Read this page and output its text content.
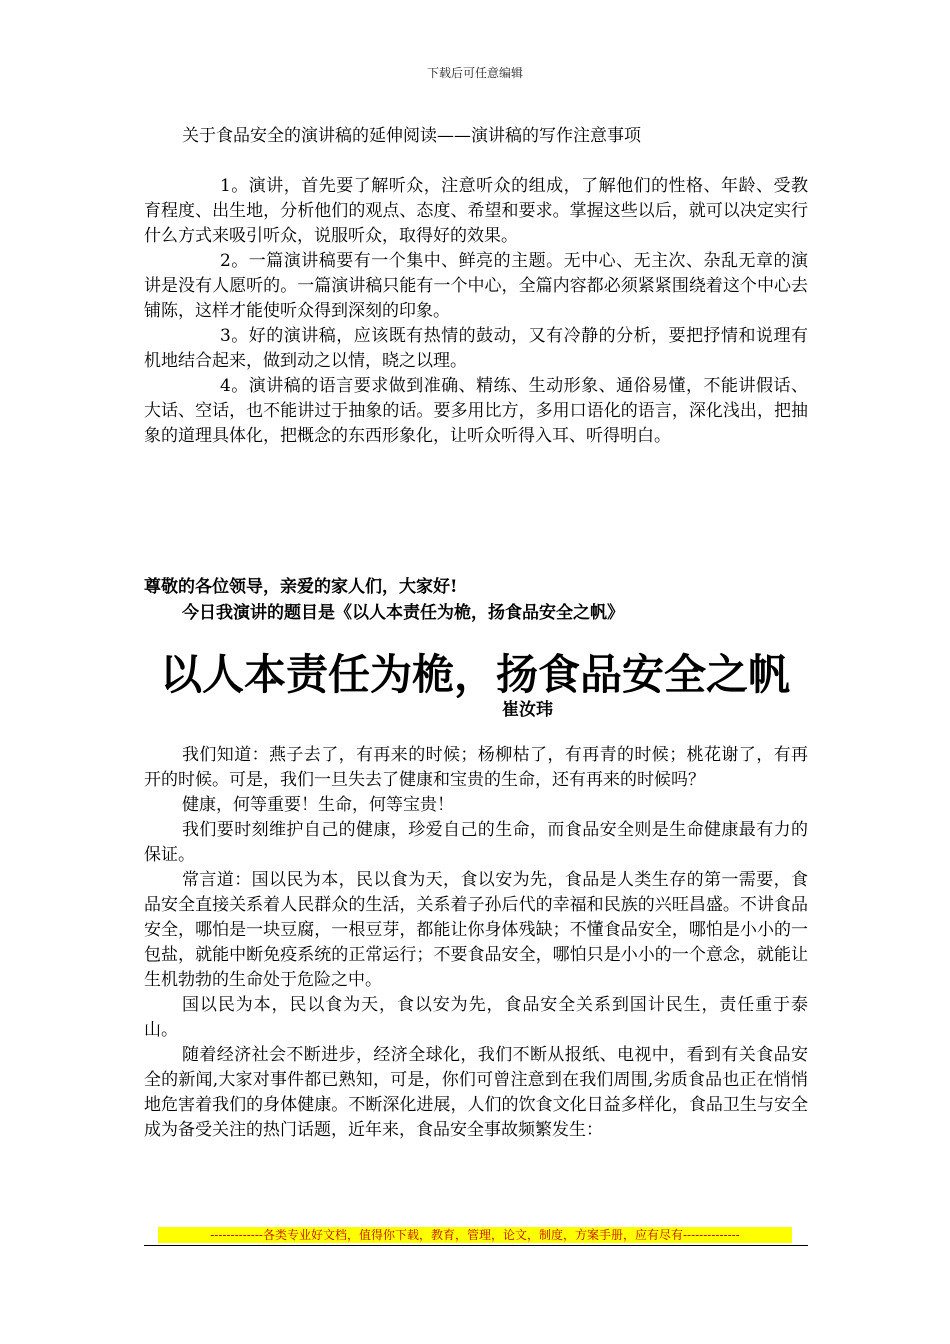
下载后可任意编辑
关于食品安全的演讲稿的延伸阅读——演讲稿的写作注意事项

1。演讲，首先要了解听众，注意听众的组成，了解他们的性格、年龄、受教育程度、出生地，分析他们的观点、态度、希望和要求。掌握这些以后，就可以决定实行什么方式来吸引听众，说服听众，取得好的效果。

2。一篇演讲稿要有一个集中、鲜亮的主题。无中心、无主次、杂乱无章的演讲是没有人愿听的。一篇演讲稿只能有一个中心，全篇内容都必须紧紧围绕着这个中心去铺陈，这样才能使听众得到深刻的印象。

3。好的演讲稿，应该既有热情的鼓动，又有冷静的分析，要把抒情和说理有机地结合起来，做到动之以情，晓之以理。

4。演讲稿的语言要求做到准确、精练、生动形象、通俗易懂，不能讲假话、大话、空话，也不能讲过于抽象的话。要多用比方，多用口语化的语言，深化浅出，把抽象的道理具体化，把概念的东西形象化，让听众听得入耳、听得明白。

尊敬的各位领导，亲爱的家人们，大家好!
今日我演讲的题目是《以人本责任为桅，扬食品安全之帆》
以人本责任为桅，扬食品安全之帆
崔汝玮

我们知道：燕子去了，有再来的时候；杨柳枯了，有再青的时候；桃花谢了，有再开的时候。可是，我们一旦失去了健康和宝贵的生命，还有再来的时候吗？

健康，何等重要！生命，何等宝贵！

我们要时刻维护自己的健康，珍爱自己的生命，而食品安全则是生命健康最有力的保证。

常言道：国以民为本，民以食为天，食以安为先，食品是人类生存的第一需要，食品安全直接关系着人民群众的生活，关系着子孙后代的幸福和民族的兴旺昌盛。不讲食品安全，哪怕是一块豆腐，一根豆芽，都能让你身体残缺；不懂食品安全，哪怕是小小的一包盐，就能中断免疫系统的正常运行；不要食品安全，哪怕只是小小的一个意念，就能让生机勃勃的生命处于危险之中。

国以民为本，民以食为天，食以安为先，食品安全关系到国计民生，责任重于泰山。

随着经济社会不断进步，经济全球化，我们不断从报纸、电视中，看到有关食品安全的新闻,大家对事件都已熟知，可是，你们可曾注意到在我们周围,劣质食品也正在悄悄地危害着我们的身体健康。不断深化进展，人们的饮食文化日益多样化，食品卫生与安全成为备受关注的热门话题，近年来，食品安全事故频繁发生：

-------------各类专业好文档，值得你下载，教育，管理，论文，制度，方案手册，应有尽有--------------
